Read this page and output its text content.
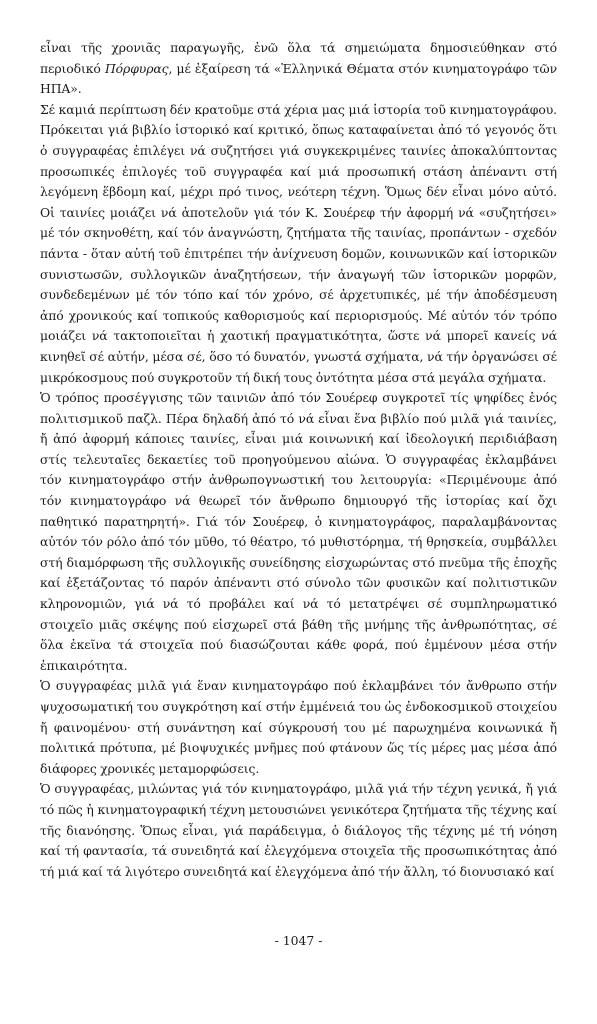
εἶναι τῆς χρονιᾶς παραγωγῆς, ἐνῶ ὅλα τά σημειώματα δημοσιεύθηκαν στό περιοδικό Πόρφυρας, μέ ἐξαίρεση τά «Ἑλληνικά Θέματα στόν κινηματογράφο τῶν ΗΠΑ».

Σέ καμιά περίπτωση δέν κρατοῦμε στά χέρια μας μιά ἱστορία τοῦ κινηματογράφου. Πρόκειται γιά βιβλίο ἱστορικό καί κριτικό, ὅπως καταφαίνεται ἀπό τό γεγονός ὅτι ὁ συγγραφέας ἐπιλέγει νά συζητήσει γιά συγκεκριμένες ταινίες ἀποκαλύπτοντας προσωπικές ἐπιλογές τοῦ συγγραφέα καί μιά προσωπική στάση ἀπέναντι στή λεγόμενη ἕβδομη καί, μέχρι πρό τινος, νεότερη τέχνη. Ὅμως δέν εἶναι μόνο αὐτό. Οἱ ταινίες μοιάζει νά ἀποτελοῦν γιά τόν Κ. Σουέρεφ τήν ἀφορμή νά «συζητήσει» μέ τόν σκηνοθέτη, καί τόν ἀναγνώστη, ζητήματα τῆς ταινίας, προπάντων - σχεδόν πάντα - ὅταν αὐτή τοῦ ἐπιτρέπει τήν ἀνίχνευση δομῶν, κοινωνικῶν καί ἱστορικῶν συνιστωσῶν, συλλογικῶν ἀναζητήσεων, τήν ἀναγωγή τῶν ἱστορικῶν μορφῶν, συνδεδεμένων μέ τόν τόπο καί τόν χρόνο, σέ ἀρχετυπικές, μέ τήν ἀποδέσμευση ἀπό χρονικούς καί τοπικούς καθορισμούς καί περιορισμούς. Μέ αὐτόν τόν τρόπο μοιάζει νά τακτοποιεῖται ἡ χαοτική πραγματικότητα, ὥστε νά μπορεῖ κανείς νά κινηθεῖ σέ αὐτήν, μέσα σέ, ὅσο τό δυνατόν, γνωστά σχήματα, νά τήν ὀργανώσει σέ μικρόκοσμους πού συγκροτοῦν τή δική τους ὀντότητα μέσα στά μεγάλα σχήματα.

Ὁ τρόπος προσέγγισης τῶν ταινιῶν ἀπό τόν Σουέρεφ συγκροτεῖ τίς ψηφίδες ἑνός πολιτισμικοῦ παζλ. Πέρα δηλαδή ἀπό τό νά εἶναι ἕνα βιβλίο πού μιλᾶ γιά ταινίες, ἤ ἀπό ἀφορμή κάποιες ταινίες, εἶναι μιά κοινωνική καί ἰδεολογική περιδιάβαση στίς τελευταῖες δεκαετίες τοῦ προηγούμενου αἰώνα. Ὁ συγγραφέας ἐκλαμβάνει τόν κινηματογράφο στήν ἀνθρωπογνωστική του λειτουργία: «Περιμένουμε ἀπό τόν κινηματογράφο νά θεωρεῖ τόν ἄνθρωπο δημιουργό τῆς ἱστορίας καί ὄχι παθητικό παρατηρητή». Γιά τόν Σουέρεφ, ὁ κινηματογράφος, παραλαμβάνοντας αὐτόν τόν ρόλο ἀπό τόν μῦθο, τό θέατρο, τό μυθιστόρημα, τή θρησκεία, συμβάλλει στή διαμόρφωση τῆς συλλογικῆς συνείδησης εἰσχωρώντας στό πνεῦμα τῆς ἐποχῆς καί ἐξετάζοντας τό παρόν ἀπέναντι στό σύνολο τῶν φυσικῶν καί πολιτιστικῶν κληρονομιῶν, γιά νά τό προβάλει καί νά τό μετατρέψει σέ συμπληρωματικό στοιχεῖο μιᾶς σκέψης πού εἰσχωρεῖ στά βάθη τῆς μνήμης τῆς ἀνθρωπότητας, σέ ὅλα ἐκεῖνα τά στοιχεῖα πού διασώζουται κάθε φορά, πού ἐμμένουν μέσα στήν ἐπικαιρότητα.

Ὁ συγγραφέας μιλᾶ γιά ἕναν κινηματογράφο πού ἐκλαμβάνει τόν ἄνθρωπο στήν ψυχοσωματική του συγκρότηση καί στήν ἐμμένειά του ὡς ἐνδοκοσμικοῦ στοιχείου ἤ φαινομένου· στή συνάντηση καί σύγκρουσή του μέ παρωχημένα κοινωνικά ἤ πολιτικά πρότυπα, μέ βιοψυχικές μνῆμες πού φτάνουν ὥς τίς μέρες μας μέσα ἀπό διάφορες χρονικές μεταμορφώσεις.

Ὁ συγγραφέας, μιλώντας γιά τόν κινηματογράφο, μιλᾶ γιά τήν τέχνη γενικά, ἤ γιά τό πῶς ἡ κινηματογραφική τέχνη μετουσιώνει γενικότερα ζητήματα τῆς τέχνης καί τῆς διανόησης. Ὅπως εἶναι, γιά παράδειγμα, ὁ διάλογος τῆς τέχνης μέ τή νόηση καί τή φαντασία, τά συνειδητά καί ἐλεγχόμενα στοιχεῖα τῆς προσωπικότητας ἀπό τή μιά καί τά λιγότερο συνειδητά καί ἐλεγχόμενα ἀπό τήν ἄλλη, τό διονυσιακό καί

- 1047 -
